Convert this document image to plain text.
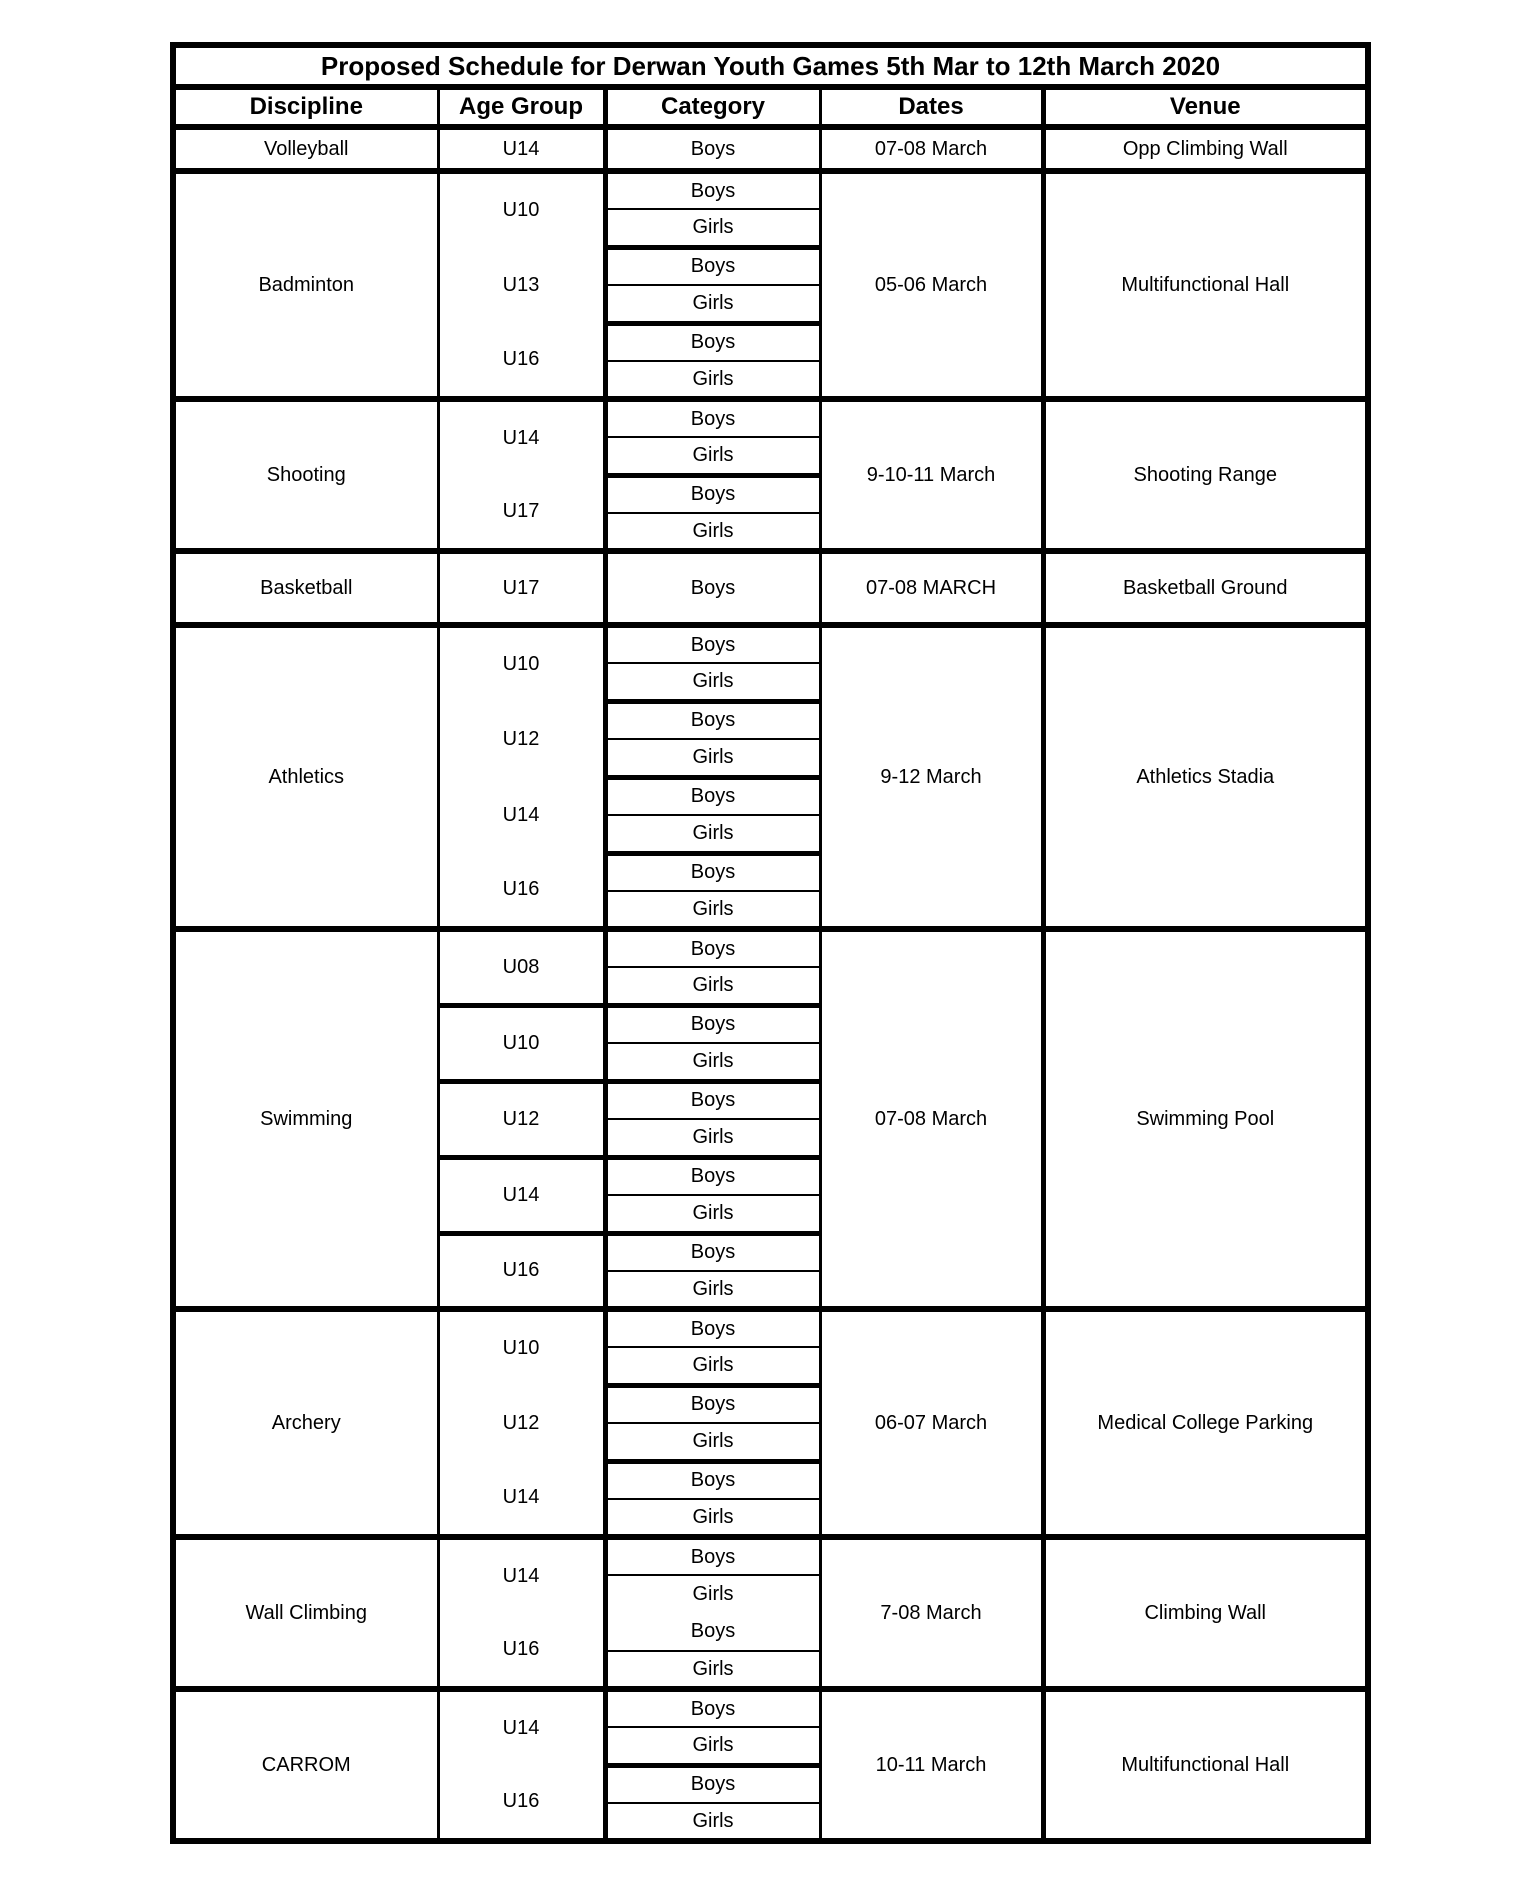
Proposed Schedule for Derwan Youth Games 5th Mar to 12th March 2020				
Discipline	Age Group	Category	Dates	Venue
Volleyball	U14	Boys	07-08 March	Opp Climbing Wall
Badminton	U10	Boys	05-06 March	Multifunctional Hall
		Girls		
	U13	Boys		
		Girls		
	U16	Boys		
		Girls		
Shooting	U14	Boys	9-10-11 March	Shooting Range
		Girls		
	U17	Boys		
		Girls		
Basketball	U17	Boys	07-08 MARCH	Basketball Ground
Athletics	U10	Boys	9-12 March	Athletics Stadia
		Girls		
	U12	Boys		
		Girls		
	U14	Boys		
		Girls		
	U16	Boys		
		Girls		
Swimming	U08	Boys	07-08 March	Swimming Pool
		Girls		
	U10	Boys		
		Girls		
	U12	Boys		
		Girls		
	U14	Boys		
		Girls		
	U16	Boys		
		Girls		
Archery	U10	Boys	06-07 March	Medical College Parking
		Girls		
	U12	Boys		
		Girls		
	U14	Boys		
		Girls		
Wall Climbing	U14	Boys	7-08 March	Climbing Wall
		Girls		
	U16	Boys		
		Girls		
CARROM	U14	Boys	10-11 March	Multifunctional Hall
		Girls		
	U16	Boys		
		Girls		
